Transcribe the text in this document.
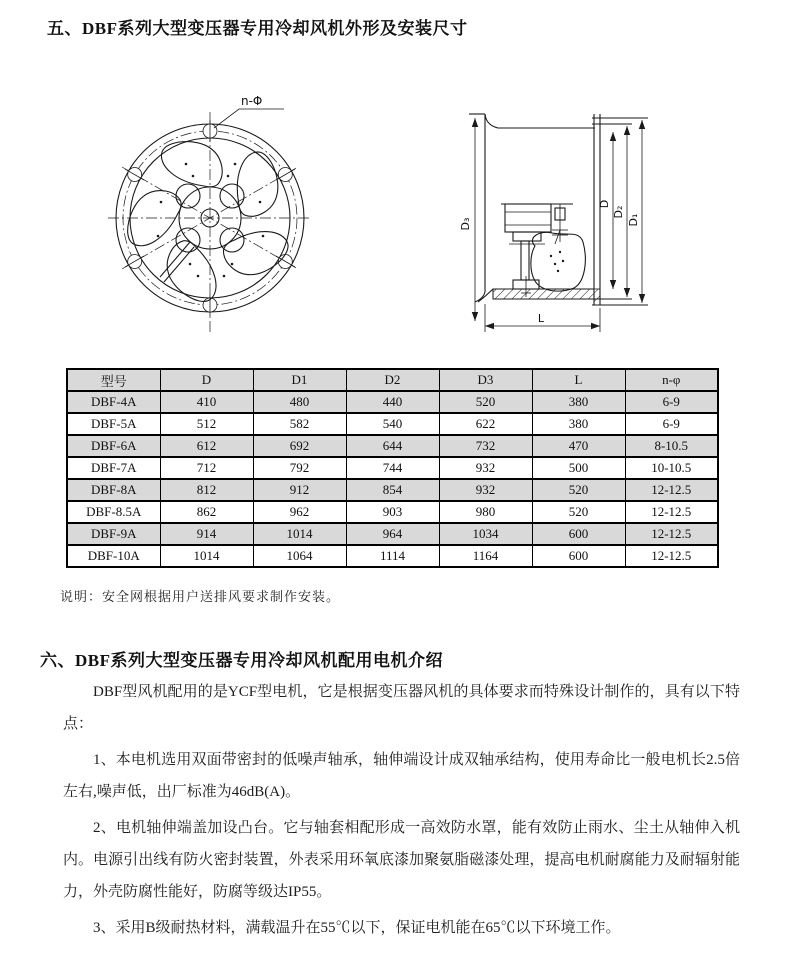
五、DBF系列大型变压器专用冷却风机外形及安装尺寸
n-Φ
D₃
D
D₂
D₁
L
型号	D	D1	D2	D3	L	n-φ
DBF-4A	410	480	440	520	380	6-9
DBF-5A	512	582	540	622	380	6-9
DBF-6A	612	692	644	732	470	8-10.5
DBF-7A	712	792	744	932	500	10-10.5
DBF-8A	812	912	854	932	520	12-12.5
DBF-8.5A	862	962	903	980	520	12-12.5
DBF-9A	914	1014	964	1034	600	12-12.5
DBF-10A	1014	1064	1114	1164	600	12-12.5

说明：安全网根据用户送排风要求制作安装。

六、DBF系列大型变压器专用冷却风机配用电机介绍

DBF型风机配用的是YCF型电机，它是根据变压器风机的具体要求而特殊设计制作的，具有以下特点：

1、本电机选用双面带密封的低噪声轴承，轴伸端设计成双轴承结构，使用寿命比一般电机长2.5倍左右,噪声低，出厂标准为46dB(A)。

2、电机轴伸端盖加设凸台。它与轴套相配形成一高效防水罩，能有效防止雨水、尘土从轴伸入机内。电源引出线有防火密封装置，外表采用环氧底漆加聚氨脂磁漆处理，提高电机耐腐能力及耐辐射能力，外壳防腐性能好，防腐等级达IP55。

3、采用B级耐热材料，满载温升在55℃以下，保证电机能在65℃以下环境工作。
